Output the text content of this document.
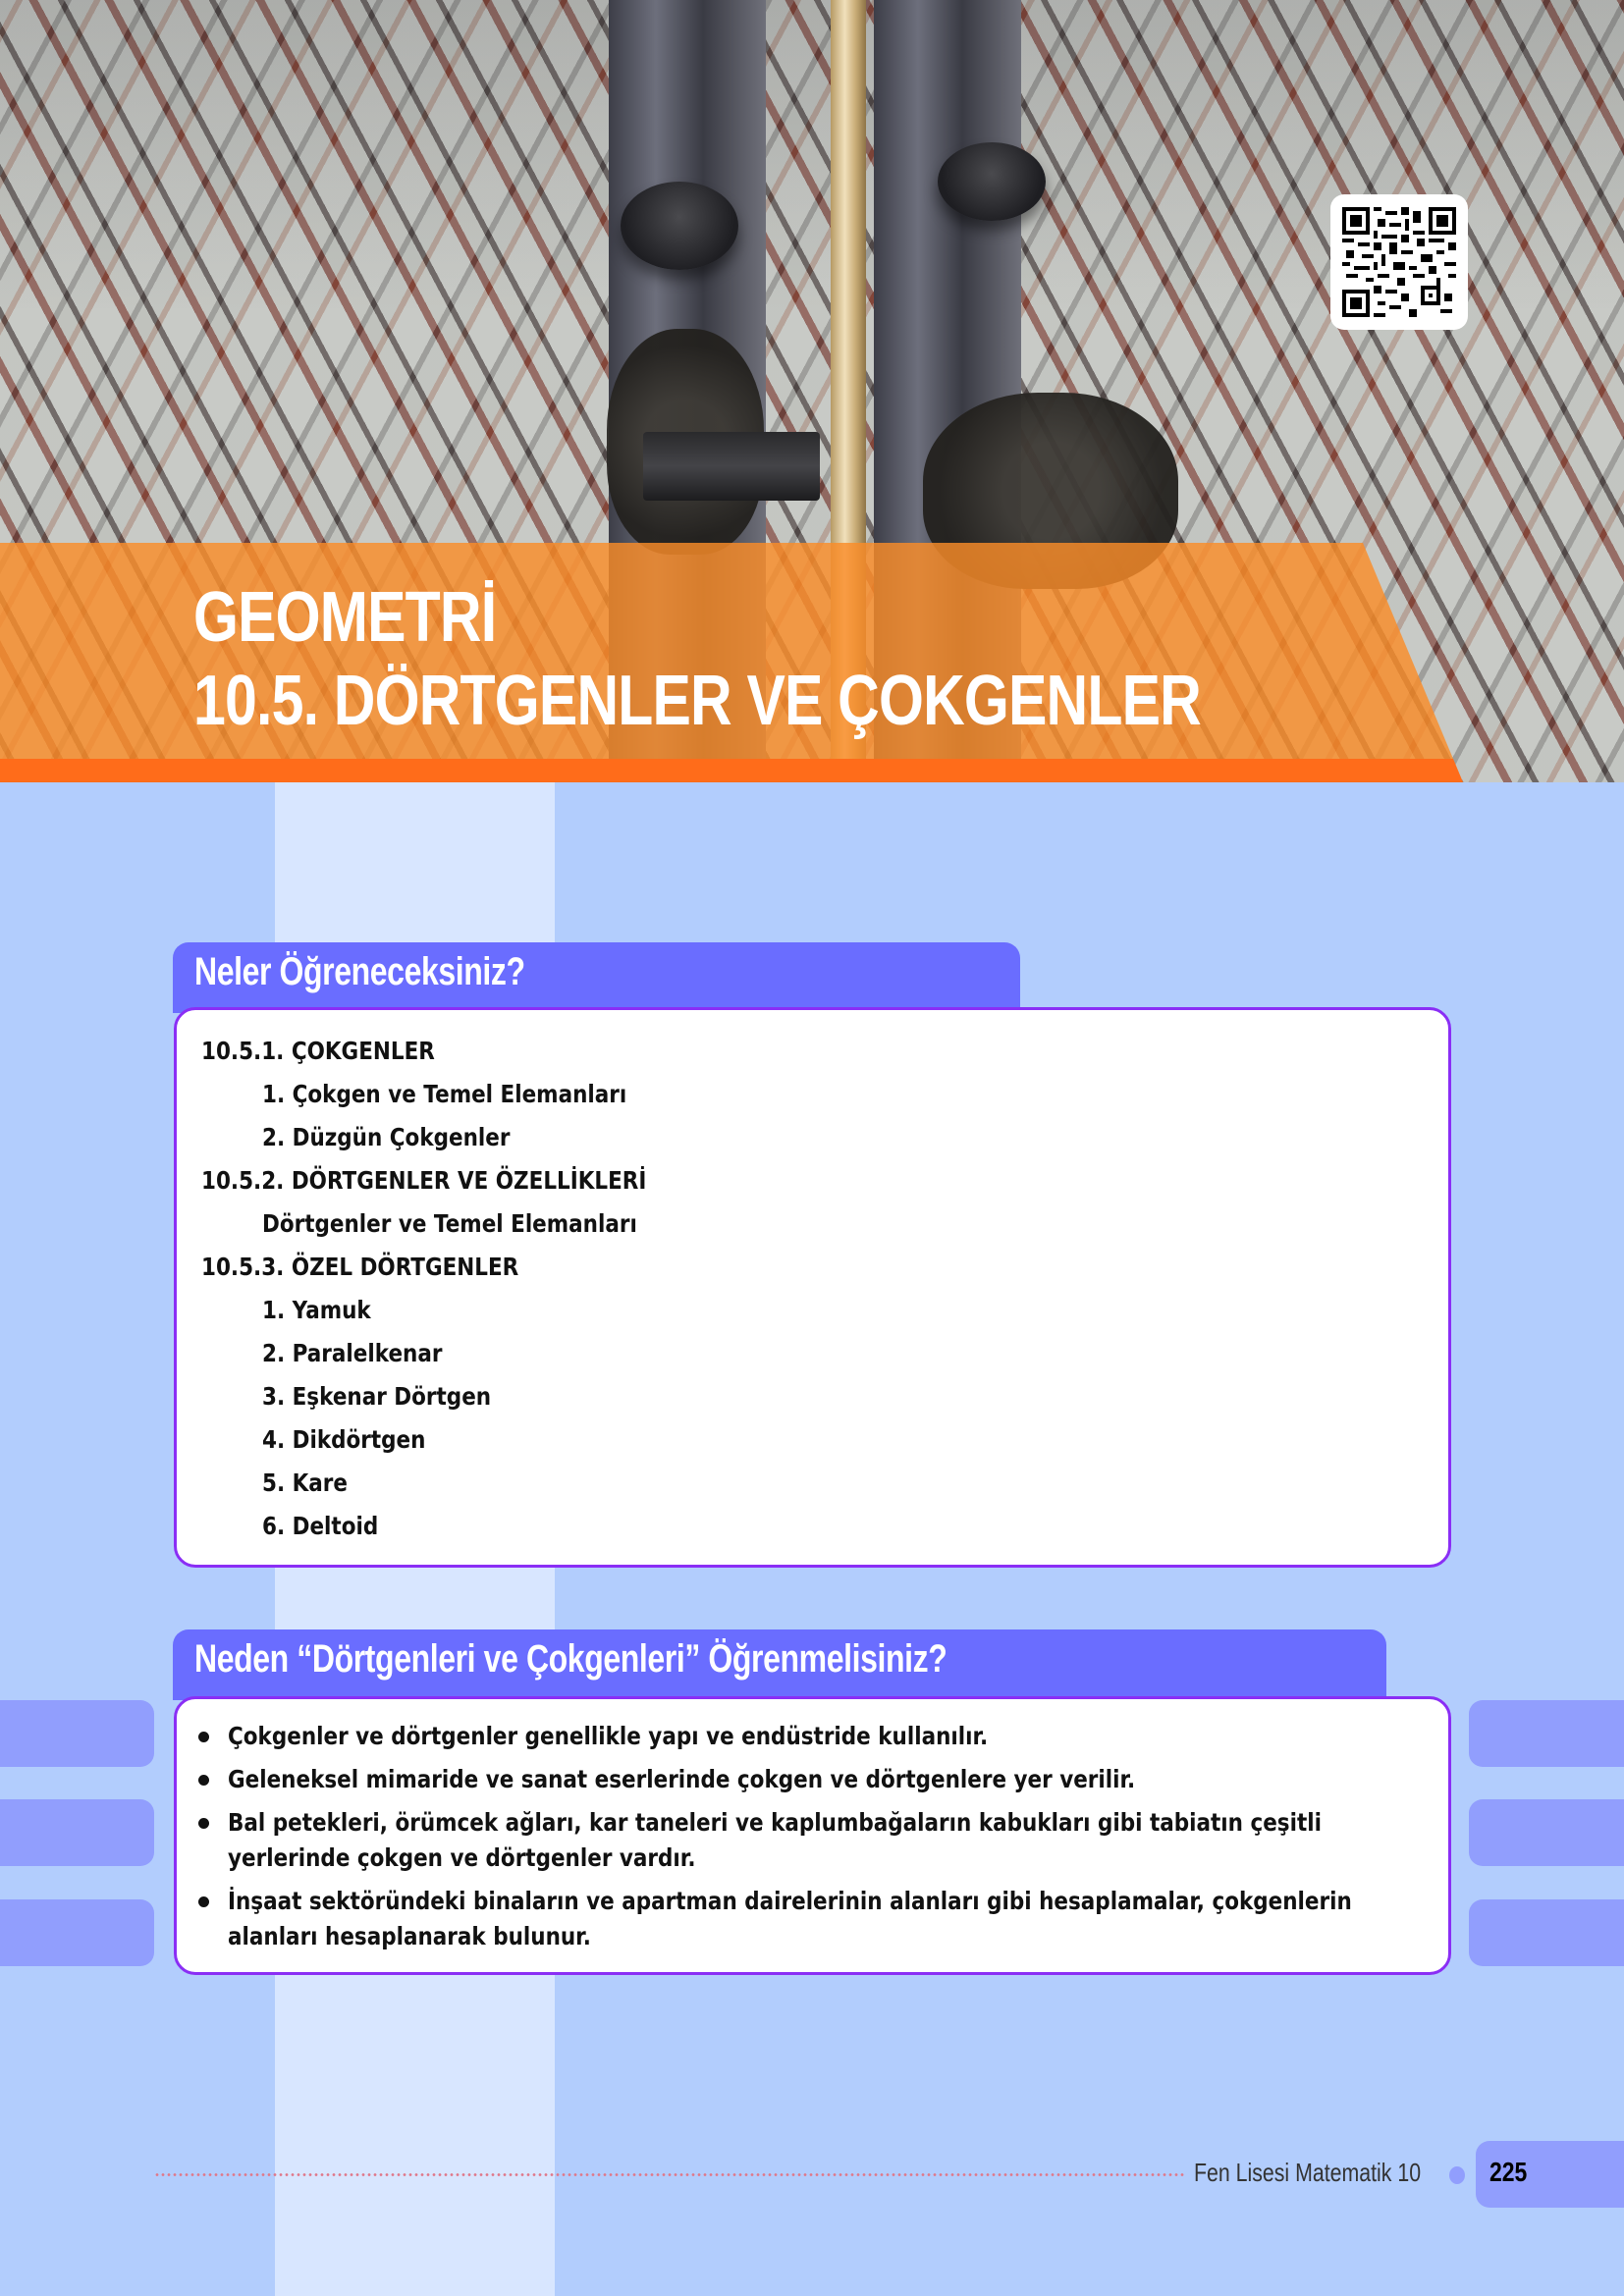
GEOMETRİ
10.5. DÖRTGENLER VE ÇOKGENLER
Neler Öğreneceksiniz?
10.5.1. ÇOKGENLER
1. Çokgen ve Temel Elemanları
2. Düzgün Çokgenler
10.5.2. DÖRTGENLER VE ÖZELLİKLERİ
Dörtgenler ve Temel Elemanları
10.5.3. ÖZEL DÖRTGENLER
1. Yamuk
2. Paralelkenar
3. Eşkenar Dörtgen
4. Dikdörtgen
5. Kare
6. Deltoid
Neden “Dörtgenleri ve Çokgenleri” Öğrenmelisiniz?
Çokgenler ve dörtgenler genellikle yapı ve endüstride kullanılır.
Geleneksel mimaride ve sanat eserlerinde çokgen ve dörtgenlere yer verilir.
Bal petekleri, örümcek ağları, kar taneleri ve kaplumbağaların kabukları gibi tabiatın çeşitli yerlerinde çokgen ve dörtgenler vardır.
İnşaat sektöründeki binaların ve apartman dairelerinin alanları gibi hesaplamalar, çokgenlerin alanları hesaplanarak bulunur.
Fen Lisesi Matematik 10 225
